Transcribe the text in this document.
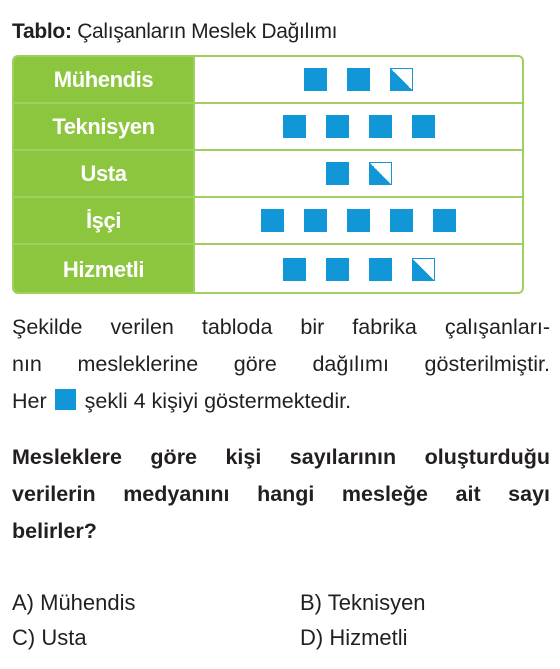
Tablo: Çalışanların Meslek Dağılımı
Mühendis
Teknisyen
Usta
İşçi
Hizmetli
Şekilde verilen tabloda bir fabrika çalışanları-
nın mesleklerine göre dağılımı gösterilmiştir.
Her şekli 4 kişiyi göstermektedir.
Mesleklere göre kişi sayılarının oluşturduğu
verilerin medyanını hangi mesleğe ait sayı
belirler?
A) Mühendis	B) Teknisyen
C) Usta	D) Hizmetli
